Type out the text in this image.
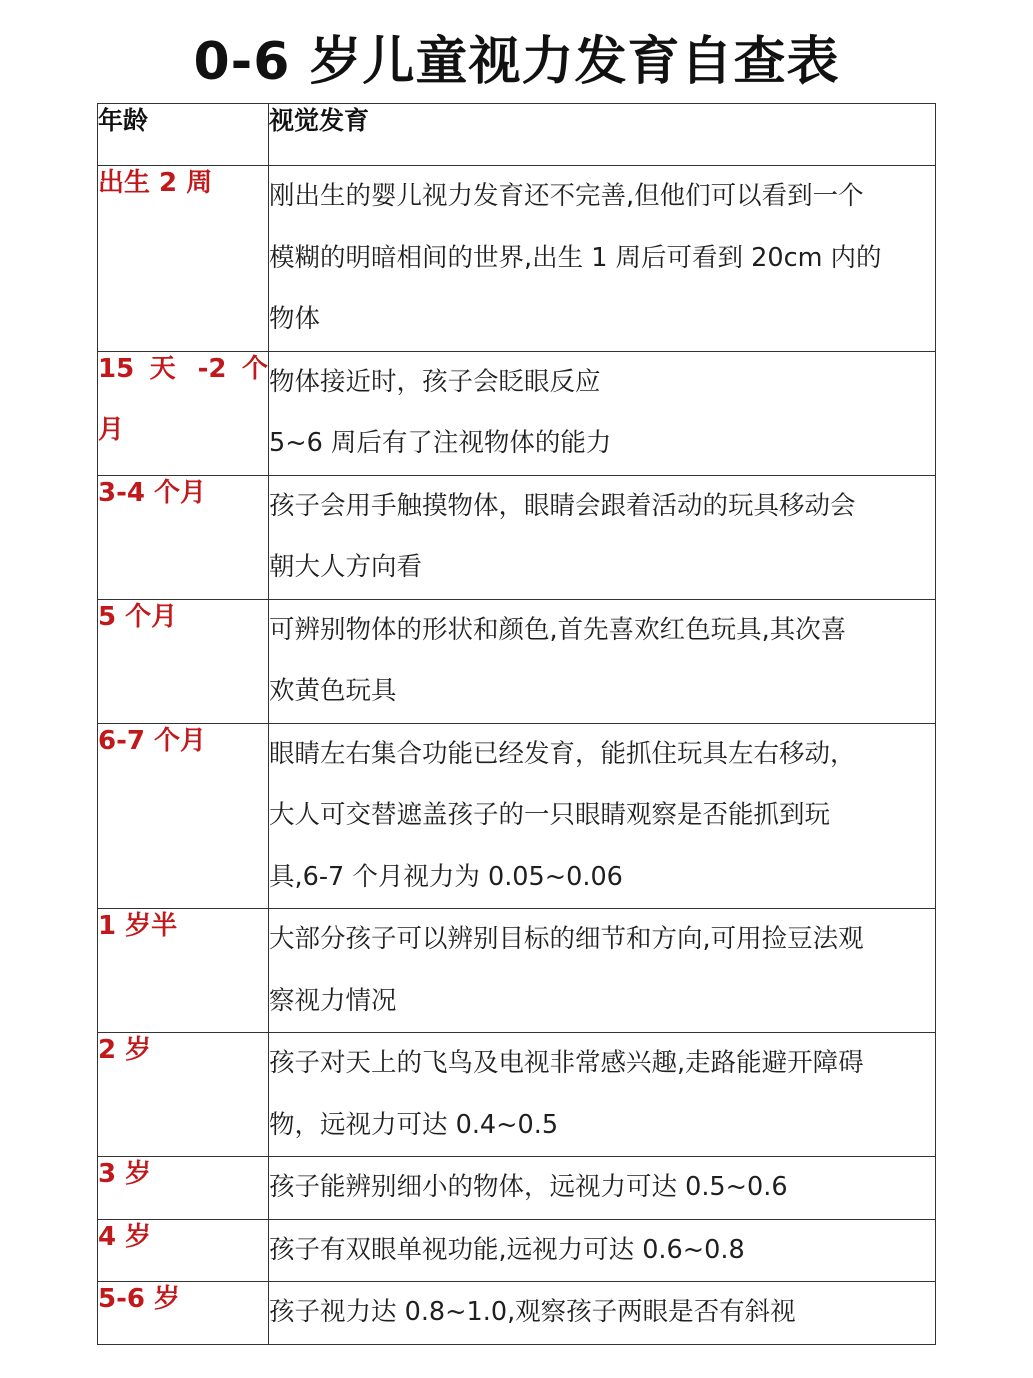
0-6 岁儿童视力发育自查表
年龄	视觉发育

出生 2 周	刚出生的婴儿视力发育还不完善,但他们可以看到一个
模糊的明暗相间的世界,出生 1 周后可看到 20cm 内的
物体

15 天 -2 个月	物体接近时，孩子会眨眼反应
5~6 周后有了注视物体的能力

3-4 个月	孩子会用手触摸物体，眼睛会跟着活动的玩具移动会
朝大人方向看

5 个月	可辨别物体的形状和颜色,首先喜欢红色玩具,其次喜
欢黄色玩具

6-7 个月	眼睛左右集合功能已经发育，能抓住玩具左右移动，
大人可交替遮盖孩子的一只眼睛观察是否能抓到玩
具,6-7 个月视力为 0.05~0.06

1 岁半	大部分孩子可以辨别目标的细节和方向,可用捡豆法观
察视力情况

2 岁	孩子对天上的飞鸟及电视非常感兴趣,走路能避开障碍
物，远视力可达 0.4~0.5

3 岁	孩子能辨别细小的物体，远视力可达 0.5~0.6

4 岁	孩子有双眼单视功能,远视力可达 0.6~0.8

5-6 岁	孩子视力达 0.8~1.0,观察孩子两眼是否有斜视
